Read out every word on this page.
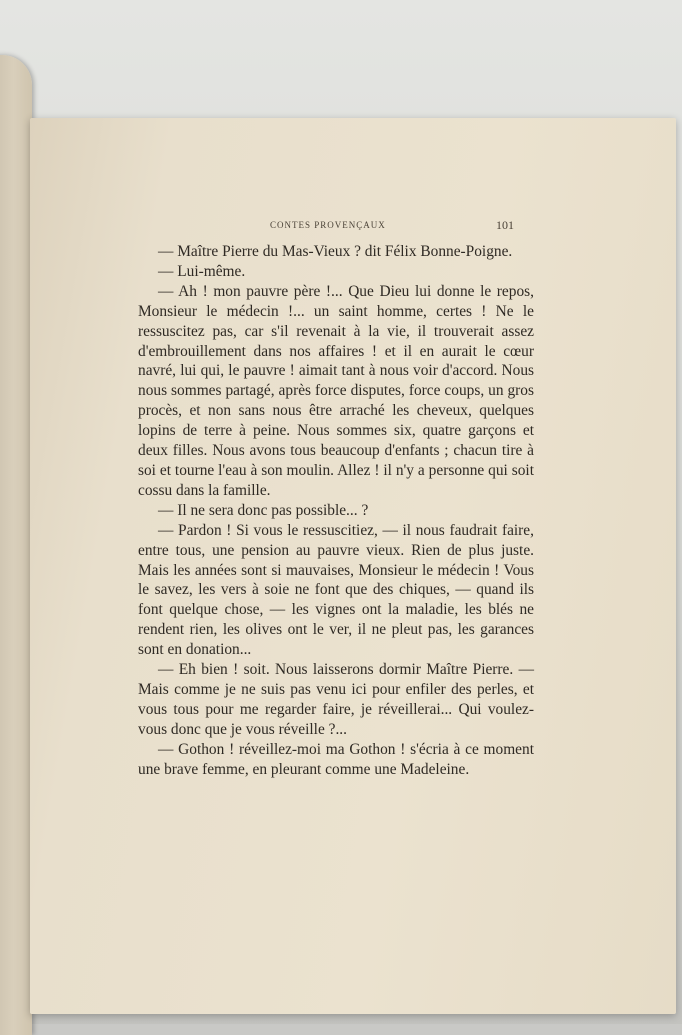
CONTES PROVENÇAUX	101

— Maître Pierre du Mas-Vieux ? dit Félix Bonne-Poigne.

— Lui-même.

— Ah ! mon pauvre père !... Que Dieu lui donne le repos, Monsieur le médecin !... un saint homme, certes ! Ne le ressuscitez pas, car s'il revenait à la vie, il trouverait assez d'embrouillement dans nos affaires ! et il en aurait le cœur navré, lui qui, le pauvre ! aimait tant à nous voir d'accord. Nous nous sommes partagé, après force disputes, force coups, un gros procès, et non sans nous être arraché les cheveux, quelques lopins de terre à peine. Nous sommes six, quatre garçons et deux filles. Nous avons tous beaucoup d'enfants ; chacun tire à soi et tourne l'eau à son moulin. Allez ! il n'y a personne qui soit cossu dans la famille.

— Il ne sera donc pas possible... ?

— Pardon ! Si vous le ressuscitiez, — il nous faudrait faire, entre tous, une pension au pauvre vieux. Rien de plus juste. Mais les années sont si mauvaises, Monsieur le médecin ! Vous le savez, les vers à soie ne font que des chiques, — quand ils font quelque chose, — les vignes ont la maladie, les blés ne rendent rien, les olives ont le ver, il ne pleut pas, les garances sont en donation...

— Eh bien ! soit. Nous laisserons dormir Maître Pierre. — Mais comme je ne suis pas venu ici pour enfiler des perles, et vous tous pour me regarder faire, je réveillerai... Qui voulez-vous donc que je vous réveille ?...

— Gothon ! réveillez-moi ma Gothon ! s'écria à ce moment une brave femme, en pleurant comme une Madeleine.
